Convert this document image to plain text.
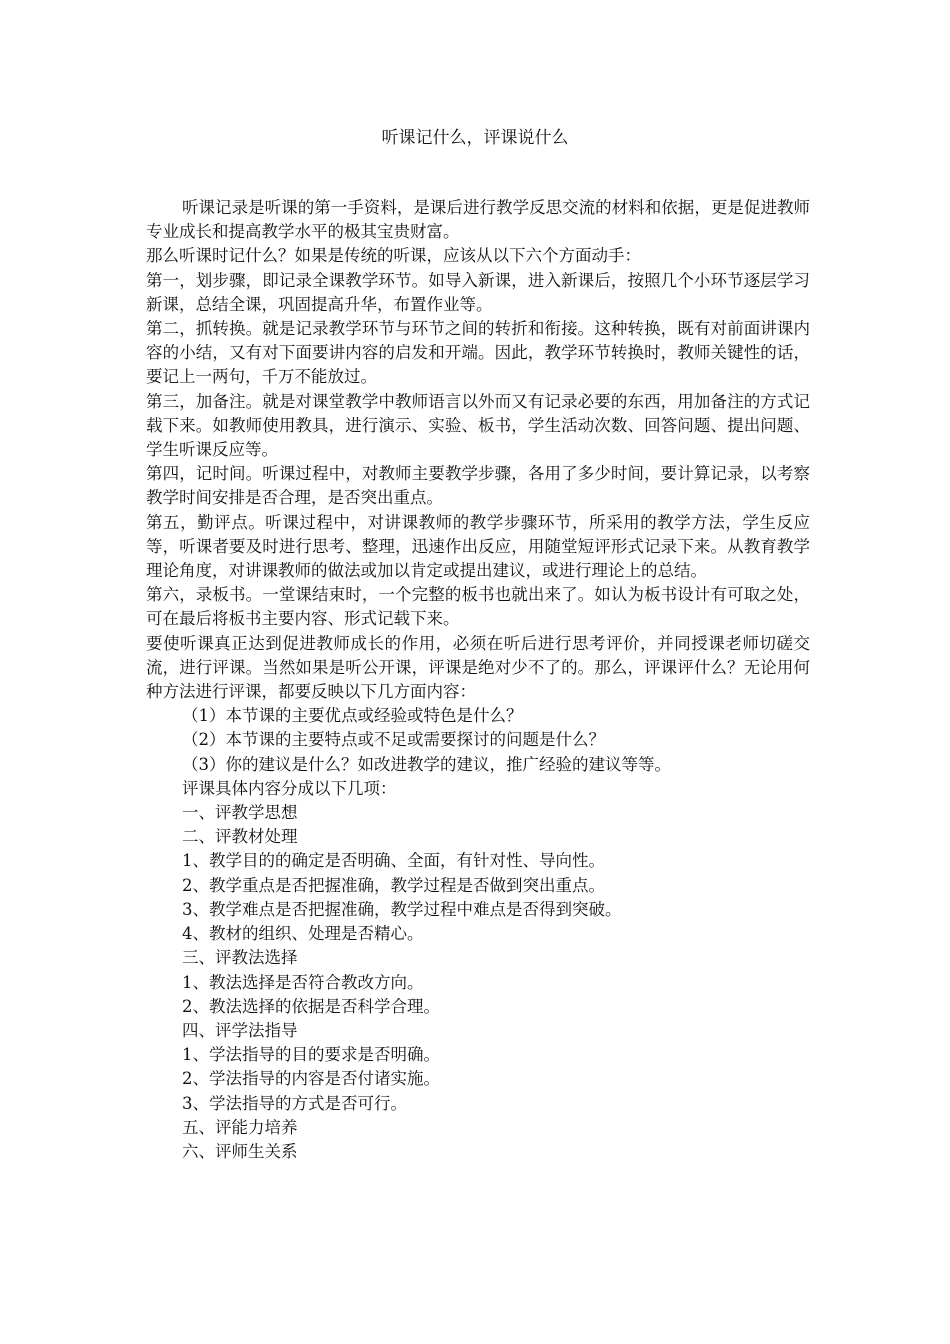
听课记什么，评课说什么

听课记录是听课的第一手资料，是课后进行教学反思交流的材料和依据，更是促进教师专业成长和提高教学水平的极其宝贵财富。

那么听课时记什么？如果是传统的听课，应该从以下六个方面动手：

第一，划步骤，即记录全课教学环节。如导入新课，进入新课后，按照几个小环节逐层学习新课，总结全课，巩固提高升华，布置作业等。

第二，抓转换。就是记录教学环节与环节之间的转折和衔接。这种转换，既有对前面讲课内容的小结，又有对下面要讲内容的启发和开端。因此，教学环节转换时，教师关键性的话，要记上一两句，千万不能放过。

第三，加备注。就是对课堂教学中教师语言以外而又有记录必要的东西，用加备注的方式记载下来。如教师使用教具，进行演示、实验、板书，学生活动次数、回答问题、提出问题、学生听课反应等。

第四，记时间。听课过程中，对教师主要教学步骤，各用了多少时间，要计算记录，以考察教学时间安排是否合理，是否突出重点。

第五，勤评点。听课过程中，对讲课教师的教学步骤环节，所采用的教学方法，学生反应等，听课者要及时进行思考、整理，迅速作出反应，用随堂短评形式记录下来。从教育教学理论角度，对讲课教师的做法或加以肯定或提出建议，或进行理论上的总结。

第六，录板书。一堂课结束时，一个完整的板书也就出来了。如认为板书设计有可取之处，可在最后将板书主要内容、形式记载下来。

要使听课真正达到促进教师成长的作用，必须在听后进行思考评价，并同授课老师切磋交流，进行评课。当然如果是听公开课，评课是绝对少不了的。那么，评课评什么？无论用何种方法进行评课，都要反映以下几方面内容：

（1）本节课的主要优点或经验或特色是什么？

（2）本节课的主要特点或不足或需要探讨的问题是什么？

（3）你的建议是什么？如改进教学的建议，推广经验的建议等等。

评课具体内容分成以下几项：

一、评教学思想

二、评教材处理

1、教学目的的确定是否明确、全面，有针对性、导向性。

2、教学重点是否把握准确，教学过程是否做到突出重点。

3、教学难点是否把握准确，教学过程中难点是否得到突破。

4、教材的组织、处理是否精心。

三、评教法选择

1、教法选择是否符合教改方向。

2、教法选择的依据是否科学合理。

四、评学法指导

1、学法指导的目的要求是否明确。

2、学法指导的内容是否付诸实施。

3、学法指导的方式是否可行。

五、评能力培养

六、评师生关系
